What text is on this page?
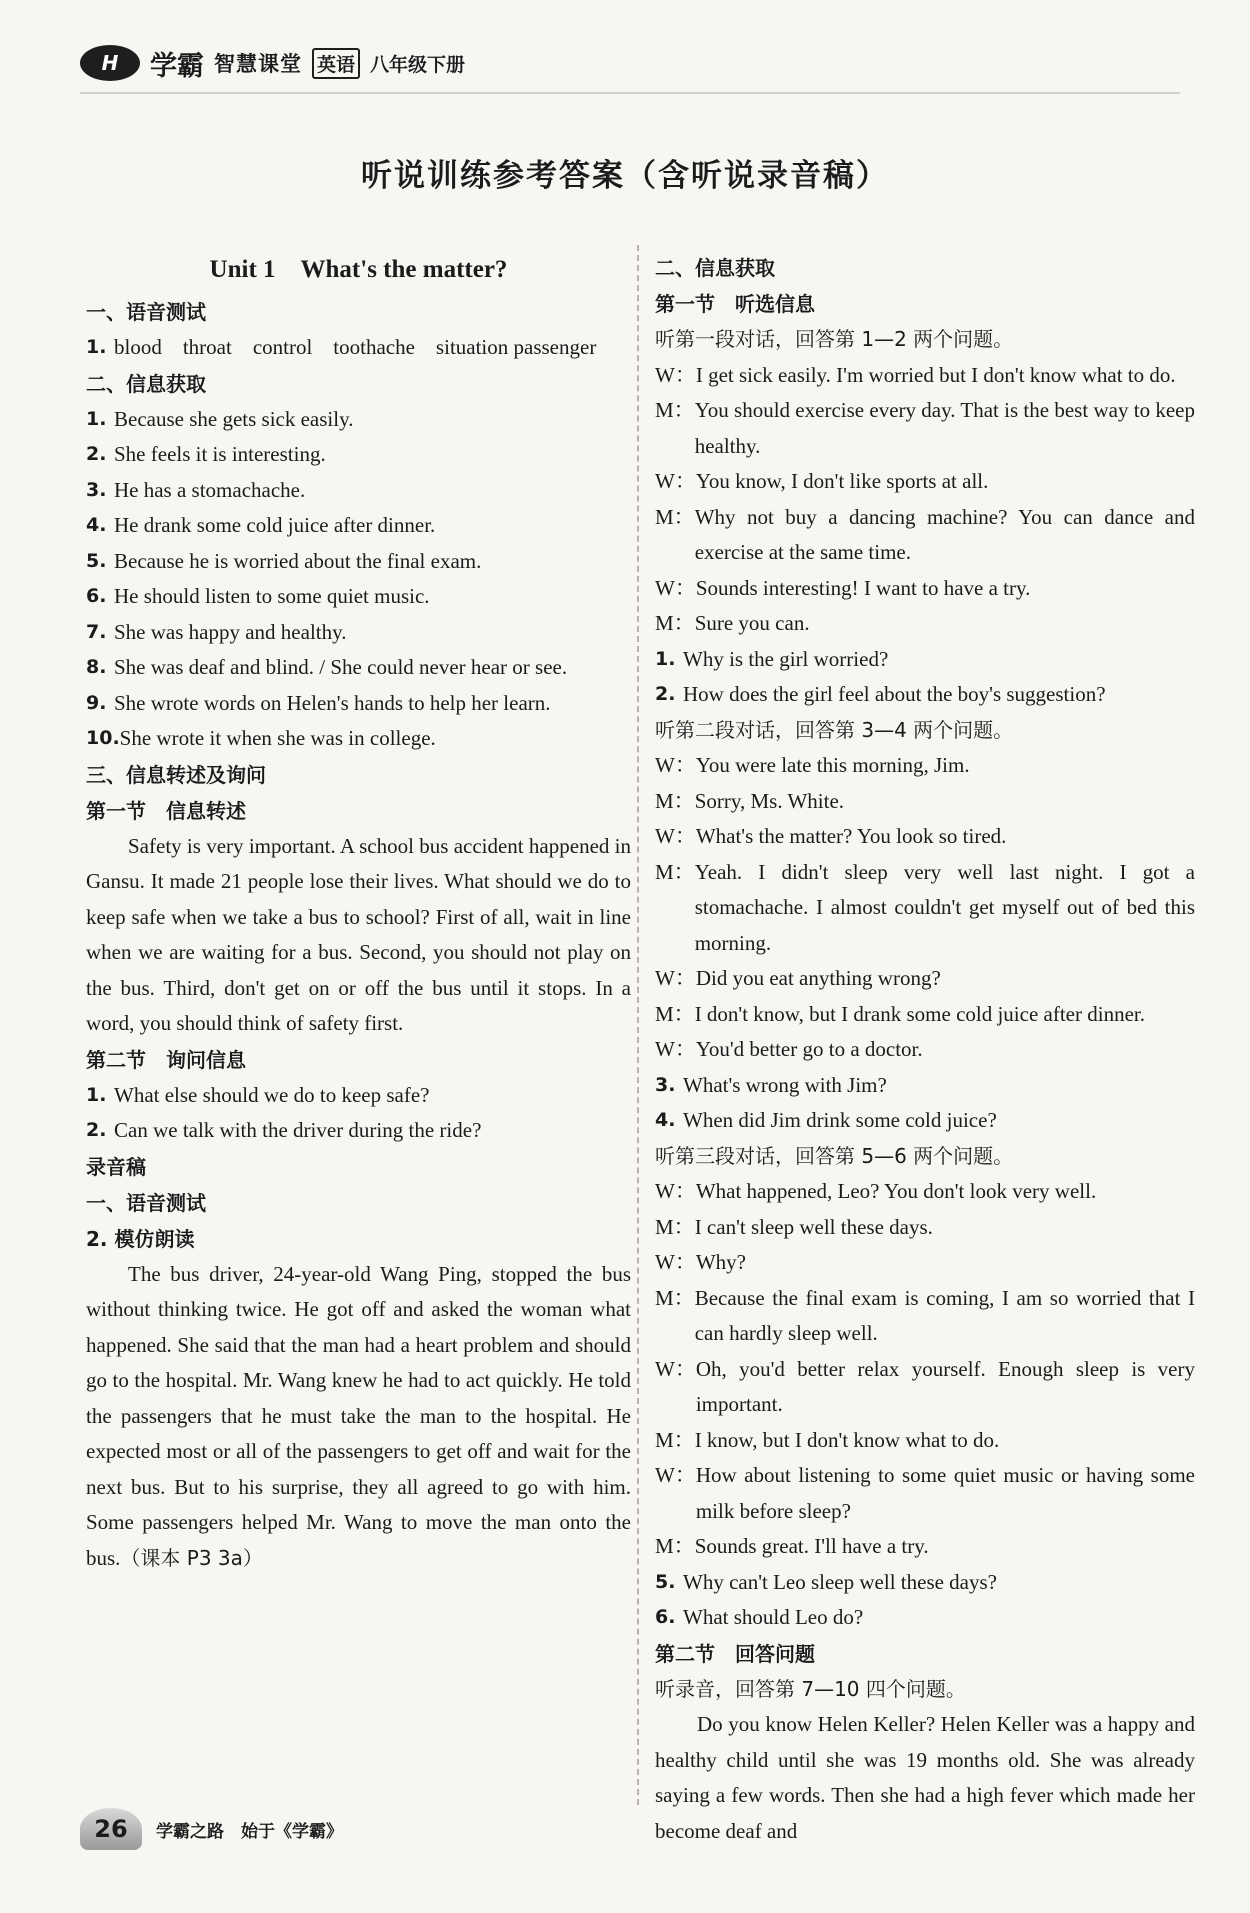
H	学霸 智慧课堂 英语 八年级下册
听说训练参考答案（含听说录音稿）
Unit 1　What's the matter?
一、语音测试
1. blood　throat　control　toothache　situation passenger
二、信息获取
1. Because she gets sick easily.
2. She feels it is interesting.
3. He has a stomachache.
4. He drank some cold juice after dinner.
5. Because he is worried about the final exam.
6. He should listen to some quiet music.
7. She was happy and healthy.
8. She was deaf and blind. / She could never hear or see.
9. She wrote words on Helen's hands to help her learn.
10. She wrote it when she was in college.
三、信息转述及询问
第一节　信息转述

Safety is very important. A school bus accident happened in Gansu. It made 21 people lose their lives. What should we do to keep safe when we take a bus to school? First of all, wait in line when we are waiting for a bus. Second, you should not play on the bus. Third, don't get on or off the bus until it stops. In a word, you should think of safety first.

第二节　询问信息
1. What else should we do to keep safe?
2. Can we talk with the driver during the ride?
录音稿
一、语音测试
2. 模仿朗读

The bus driver, 24-year-old Wang Ping, stopped the bus without thinking twice. He got off and asked the woman what happened. She said that the man had a heart problem and should go to the hospital. Mr. Wang knew he had to act quickly. He told the passengers that he must take the man to the hospital. He expected most or all of the passengers to get off and wait for the next bus. But to his surprise, they all agreed to go with him. Some passengers helped Mr. Wang to move the man onto the bus.（课本 P3 3a）

二、信息获取
第一节　听选信息

听第一段对话，回答第 1—2 两个问题。

W： I get sick easily. I'm worried but I don't know what to do.
M： You should exercise every day. That is the best way to keep healthy.
W： You know, I don't like sports at all.
M： Why not buy a dancing machine? You can dance and exercise at the same time.
W： Sounds interesting! I want to have a try.
M： Sure you can.
1. Why is the girl worried?
2. How does the girl feel about the boy's suggestion?

听第二段对话，回答第 3—4 两个问题。

W： You were late this morning, Jim.
M： Sorry, Ms. White.
W： What's the matter? You look so tired.
M： Yeah. I didn't sleep very well last night. I got a stomachache. I almost couldn't get myself out of bed this morning.
W： Did you eat anything wrong?
M： I don't know, but I drank some cold juice after dinner.
W： You'd better go to a doctor.
3. What's wrong with Jim?
4. When did Jim drink some cold juice?

听第三段对话，回答第 5—6 两个问题。

W： What happened, Leo? You don't look very well.
M： I can't sleep well these days.
W： Why?
M： Because the final exam is coming, I am so worried that I can hardly sleep well.
W： Oh, you'd better relax yourself. Enough sleep is very important.
M： I know, but I don't know what to do.
W： How about listening to some quiet music or having some milk before sleep?
M： Sounds great. I'll have a try.
5. Why can't Leo sleep well these days?
6. What should Leo do?
第二节　回答问题

听录音，回答第 7—10 四个问题。

Do you know Helen Keller? Helen Keller was a happy and healthy child until she was 19 months old. She was already saying a few words. Then she had a high fever which made her become deaf and

26	学霸之路　始于《学霸》
